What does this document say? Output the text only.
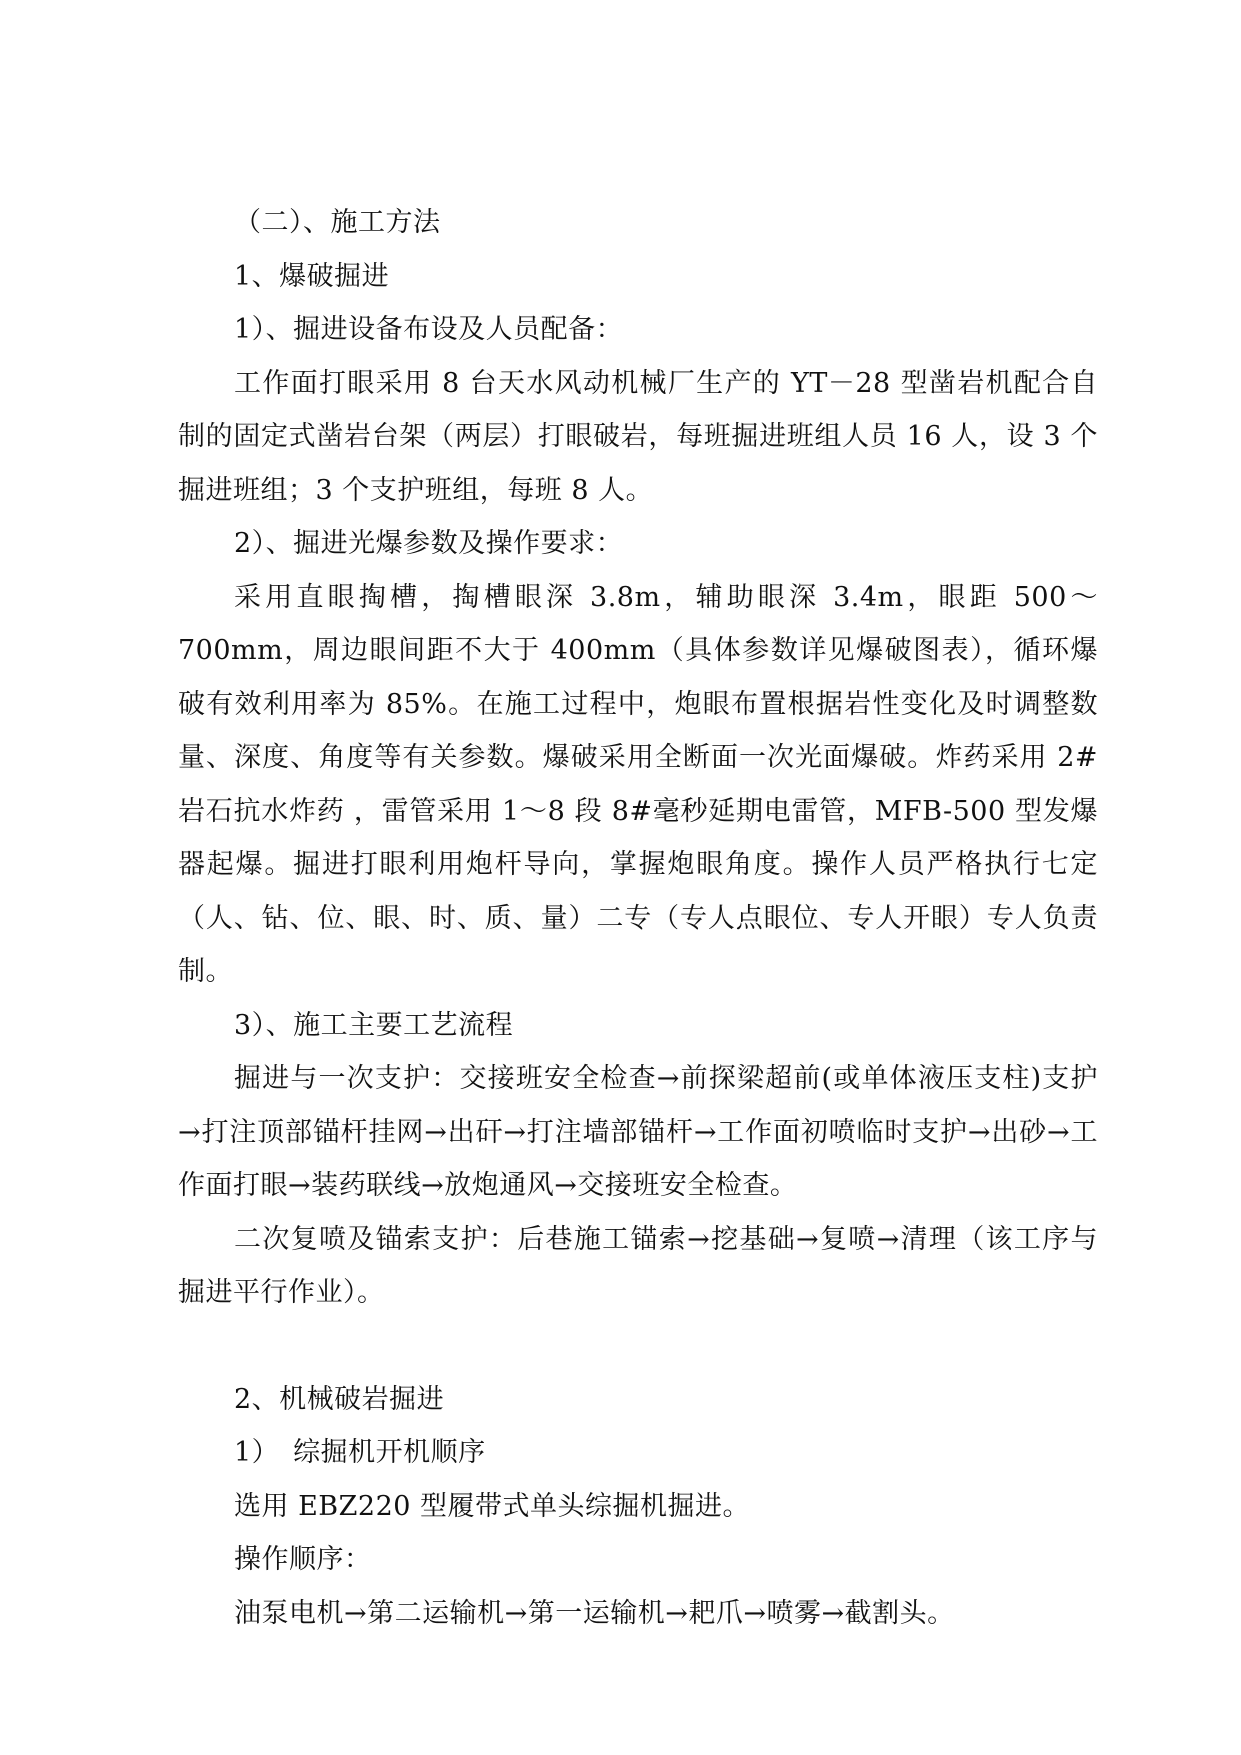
（二）、施工方法

1、爆破掘进

1）、掘进设备布设及人员配备：

工作面打眼采用 8 台天水风动机械厂生产的 YT－28 型凿岩机配合自制的固定式凿岩台架（两层）打眼破岩，每班掘进班组人员 16 人，设 3 个掘进班组；3 个支护班组，每班 8 人。

2）、掘进光爆参数及操作要求：

采用直眼掏槽，掏槽眼深 3.8m，辅助眼深 3.4m，眼距 500～700mm，周边眼间距不大于 400mm（具体参数详见爆破图表），循环爆破有效利用率为 85%。在施工过程中，炮眼布置根据岩性变化及时调整数量、深度、角度等有关参数。爆破采用全断面一次光面爆破。炸药采用 2#岩石抗水炸药 ，雷管采用 1～8 段 8#毫秒延期电雷管，MFB-500 型发爆器起爆。掘进打眼利用炮杆导向，掌握炮眼角度。操作人员严格执行七定（人、钻、位、眼、时、质、量）二专（专人点眼位、专人开眼）专人负责制。

3）、施工主要工艺流程

掘进与一次支护：交接班安全检查→前探梁超前(或单体液压支柱)支护→打注顶部锚杆挂网→出矸→打注墙部锚杆→工作面初喷临时支护→出砂→工作面打眼→装药联线→放炮通风→交接班安全检查。

二次复喷及锚索支护：后巷施工锚索→挖基础→复喷→清理（该工序与掘进平行作业）。

2、机械破岩掘进

1）　综掘机开机顺序

选用 EBZ220 型履带式单头综掘机掘进。

操作顺序：

油泵电机→第二运输机→第一运输机→耙爪→喷雾→截割头。
